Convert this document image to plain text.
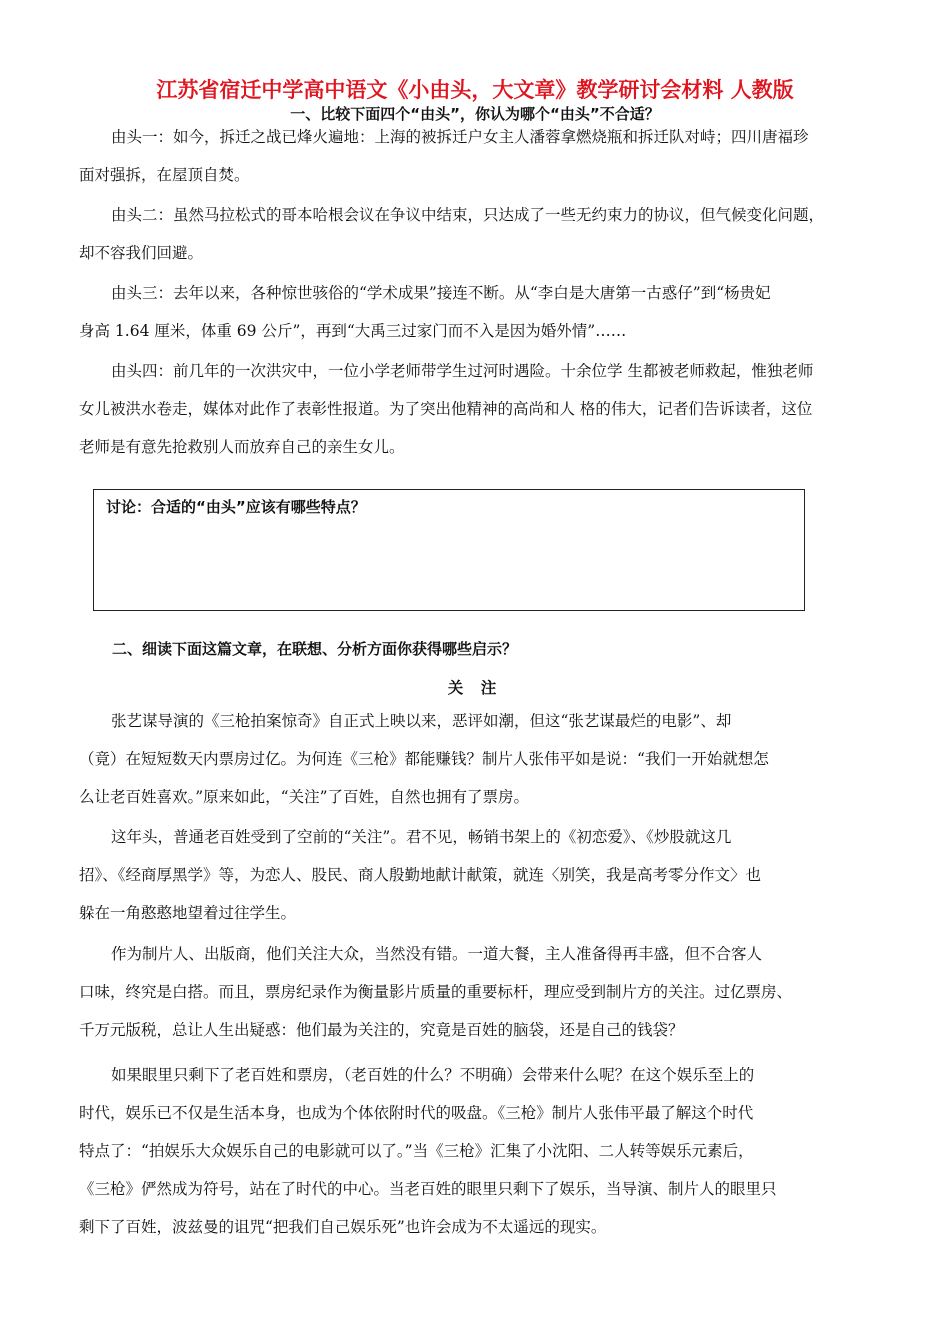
江苏省宿迁中学高中语文《小由头，大文章》教学研讨会材料 人教版
一、比较下面四个“由头”，你认为哪个“由头”不合适？
由头一：如今，拆迁之战已烽火遍地：上海的被拆迁户女主人潘蓉拿燃烧瓶和拆迁队对峙；四川唐福珍
面对强拆，在屋顶自焚。
由头二：虽然马拉松式的哥本哈根会议在争议中结束，只达成了一些无约束力的协议，但气候变化问题，
却不容我们回避。
由头三：去年以来，各种惊世骇俗的“学术成果”接连不断。从“李白是大唐第一古惑仔”到“杨贵妃
身高 1.64 厘米，体重 69 公斤”，再到“大禹三过家门而不入是因为婚外情”……
由头四：前几年的一次洪灾中，一位小学老师带学生过河时遇险。十余位学 生都被老师救起，惟独老师
女儿被洪水卷走，媒体对此作了表彰性报道。为了突出他精神的高尚和人 格的伟大，记者们告诉读者，这位
老师是有意先抢救别人而放弃自己的亲生女儿。
讨论：合适的“由头”应该有哪些特点？
二、细读下面这篇文章，在联想、分析方面你获得哪些启示？
关 注
张艺谋导演的《三枪拍案惊奇》自正式上映以来，恶评如潮，但这“张艺谋最烂的电影”、却
（竟）在短短数天内票房过亿。为何连《三枪》都能赚钱？制片人张伟平如是说：“我们一开始就想怎
么让老百姓喜欢。”原来如此，“关注”了百姓，自然也拥有了票房。
这年头，普通老百姓受到了空前的“关注”。君不见，畅销书架上的《初恋爱》、《炒股就这几
招》、《经商厚黑学》等，为恋人、股民、商人殷勤地献计献策，就连〈别笑，我是高考零分作文〉也
躲在一角憨憨地望着过往学生。
作为制片人、出版商，他们关注大众，当然没有错。一道大餐，主人准备得再丰盛，但不合客人
口味，终究是白搭。而且，票房纪录作为衡量影片质量的重要标杆，理应受到制片方的关注。过亿票房、
千万元版税，总让人生出疑惑：他们最为关注的，究竟是百姓的脑袋，还是自己的钱袋？
如果眼里只剩下了老百姓和票房，（老百姓的什么？不明确）会带来什么呢？在这个娱乐至上的
时代，娱乐已不仅是生活本身，也成为个体依附时代的吸盘。《三枪》制片人张伟平最了解这个时代
特点了：“拍娱乐大众娱乐自己的电影就可以了。”当《三枪》汇集了小沈阳、二人转等娱乐元素后，
《三枪》俨然成为符号，站在了时代的中心。当老百姓的眼里只剩下了娱乐，当导演、制片人的眼里只
剩下了百姓，波兹曼的诅咒“把我们自己娱乐死”也许会成为不太遥远的现实。
